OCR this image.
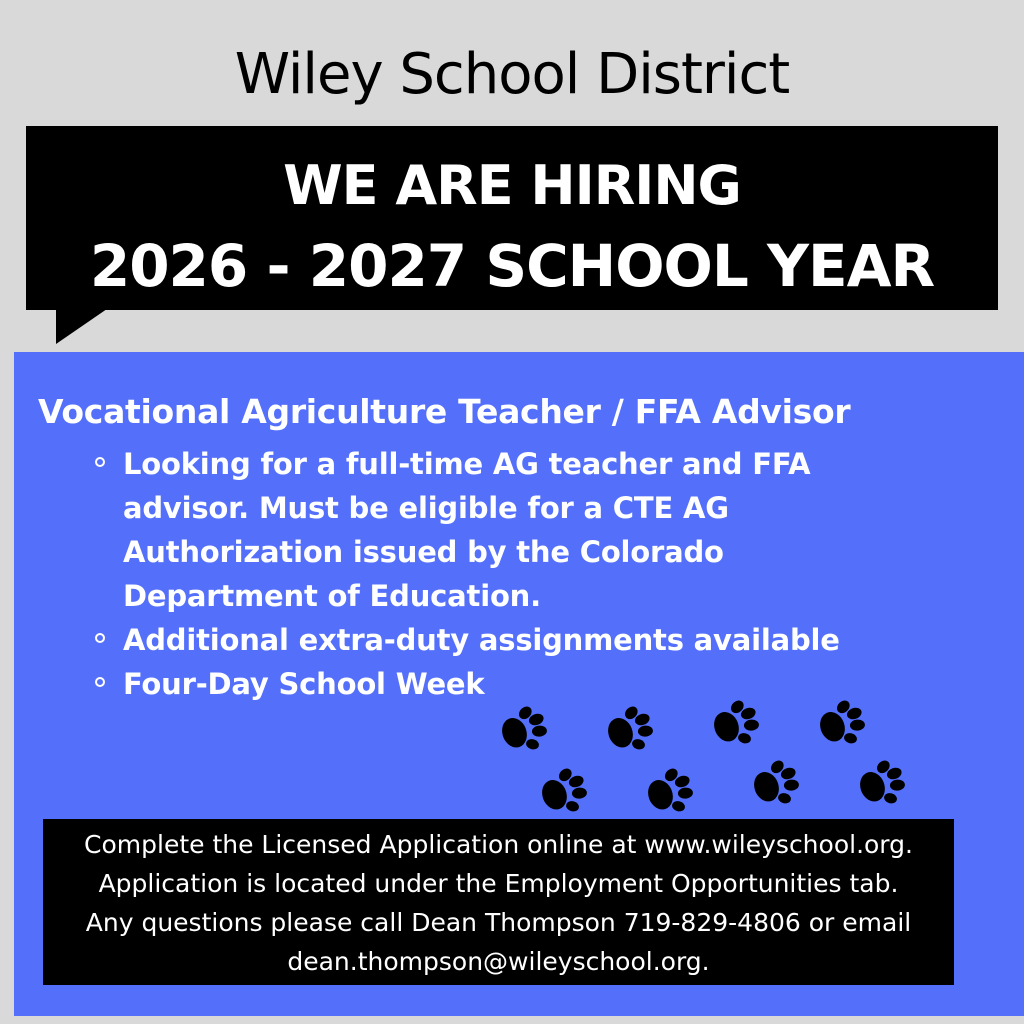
Wiley School District
WE ARE HIRING
2026 - 2027 SCHOOL YEAR
Vocational Agriculture Teacher / FFA Advisor
Looking for a full-time AG teacher and FFA advisor. Must be eligible for a CTE AG Authorization issued by the Colorado Department of Education.
Additional extra-duty assignments available
Four-Day School Week
Complete the Licensed Application online at www.wileyschool.org.
Application is located under the Employment Opportunities tab.
Any questions please call Dean Thompson 719-829-4806 or email
dean.thompson@wileyschool.org.
